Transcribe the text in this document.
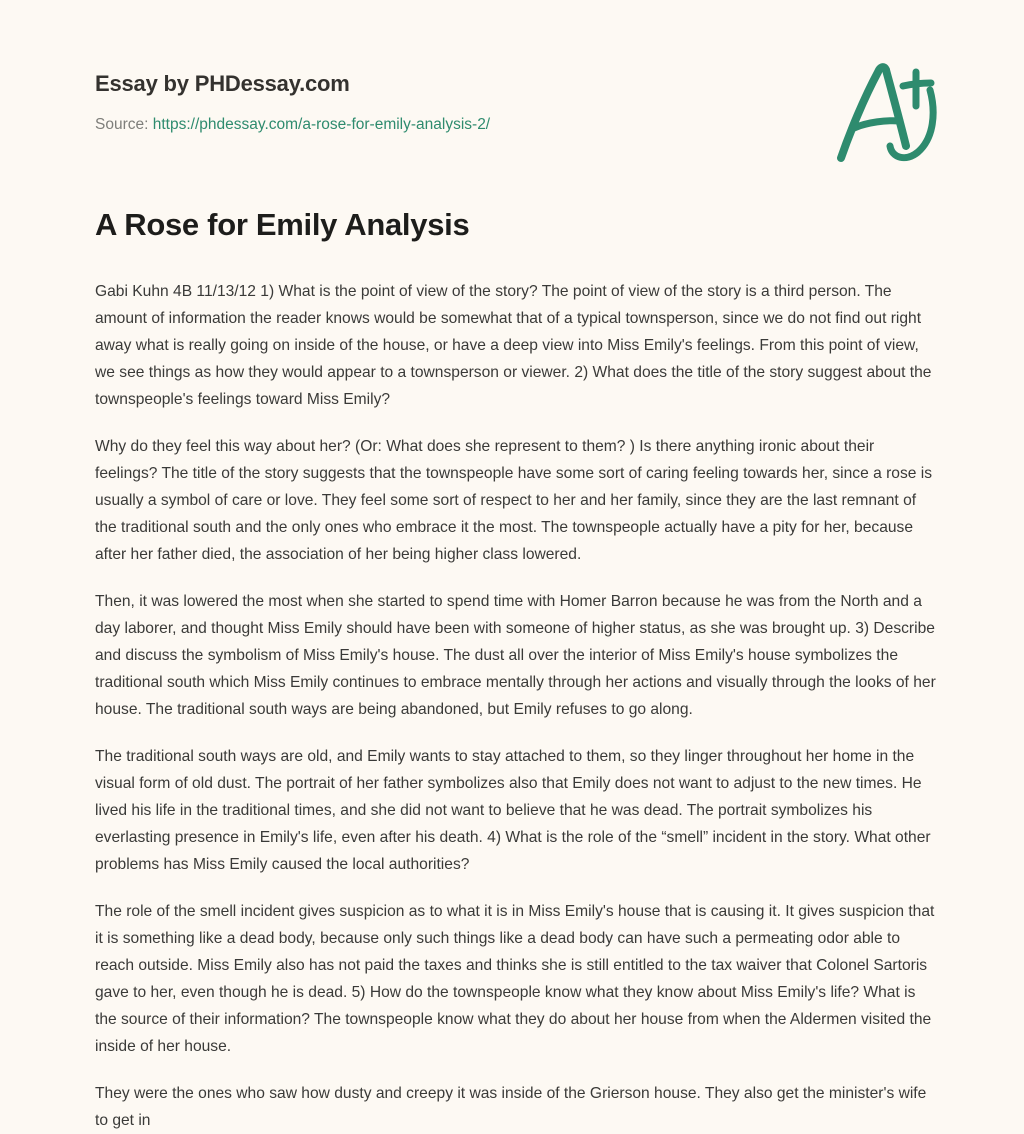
Essay by PHDessay.com
Source: https://phdessay.com/a-rose-for-emily-analysis-2/
A Rose for Emily Analysis

Gabi Kuhn 4B 11/13/12 1) What is the point of view of the story? The point of view of the story is a third person. The amount of information the reader knows would be somewhat that of a typical townsperson, since we do not find out right away what is really going on inside of the house, or have a deep view into Miss Emily's feelings. From this point of view, we see things as how they would appear to a townsperson or viewer. 2) What does the title of the story suggest about the townspeople's feelings toward Miss Emily?

Why do they feel this way about her? (Or: What does she represent to them? ) Is there anything ironic about their feelings? The title of the story suggests that the townspeople have some sort of caring feeling towards her, since a rose is usually a symbol of care or love. They feel some sort of respect to her and her family, since they are the last remnant of the traditional south and the only ones who embrace it the most. The townspeople actually have a pity for her, because after her father died, the association of her being higher class lowered.

Then, it was lowered the most when she started to spend time with Homer Barron because he was from the North and a day laborer, and thought Miss Emily should have been with someone of higher status, as she was brought up. 3) Describe and discuss the symbolism of Miss Emily's house. The dust all over the interior of Miss Emily's house symbolizes the traditional south which Miss Emily continues to embrace mentally through her actions and visually through the looks of her house. The traditional south ways are being abandoned, but Emily refuses to go along.

The traditional south ways are old, and Emily wants to stay attached to them, so they linger throughout her home in the visual form of old dust. The portrait of her father symbolizes also that Emily does not want to adjust to the new times. He lived his life in the traditional times, and she did not want to believe that he was dead. The portrait symbolizes his everlasting presence in Emily's life, even after his death. 4) What is the role of the “smell” incident in the story. What other problems has Miss Emily caused the local authorities?

The role of the smell incident gives suspicion as to what it is in Miss Emily's house that is causing it. It gives suspicion that it is something like a dead body, because only such things like a dead body can have such a permeating odor able to reach outside. Miss Emily also has not paid the taxes and thinks she is still entitled to the tax waiver that Colonel Sartoris gave to her, even though he is dead. 5) How do the townspeople know what they know about Miss Emily's life? What is the source of their information? The townspeople know what they do about her house from when the Aldermen visited the inside of her house.

They were the ones who saw how dusty and creepy it was inside of the Grierson house. They also get the minister's wife to get in
